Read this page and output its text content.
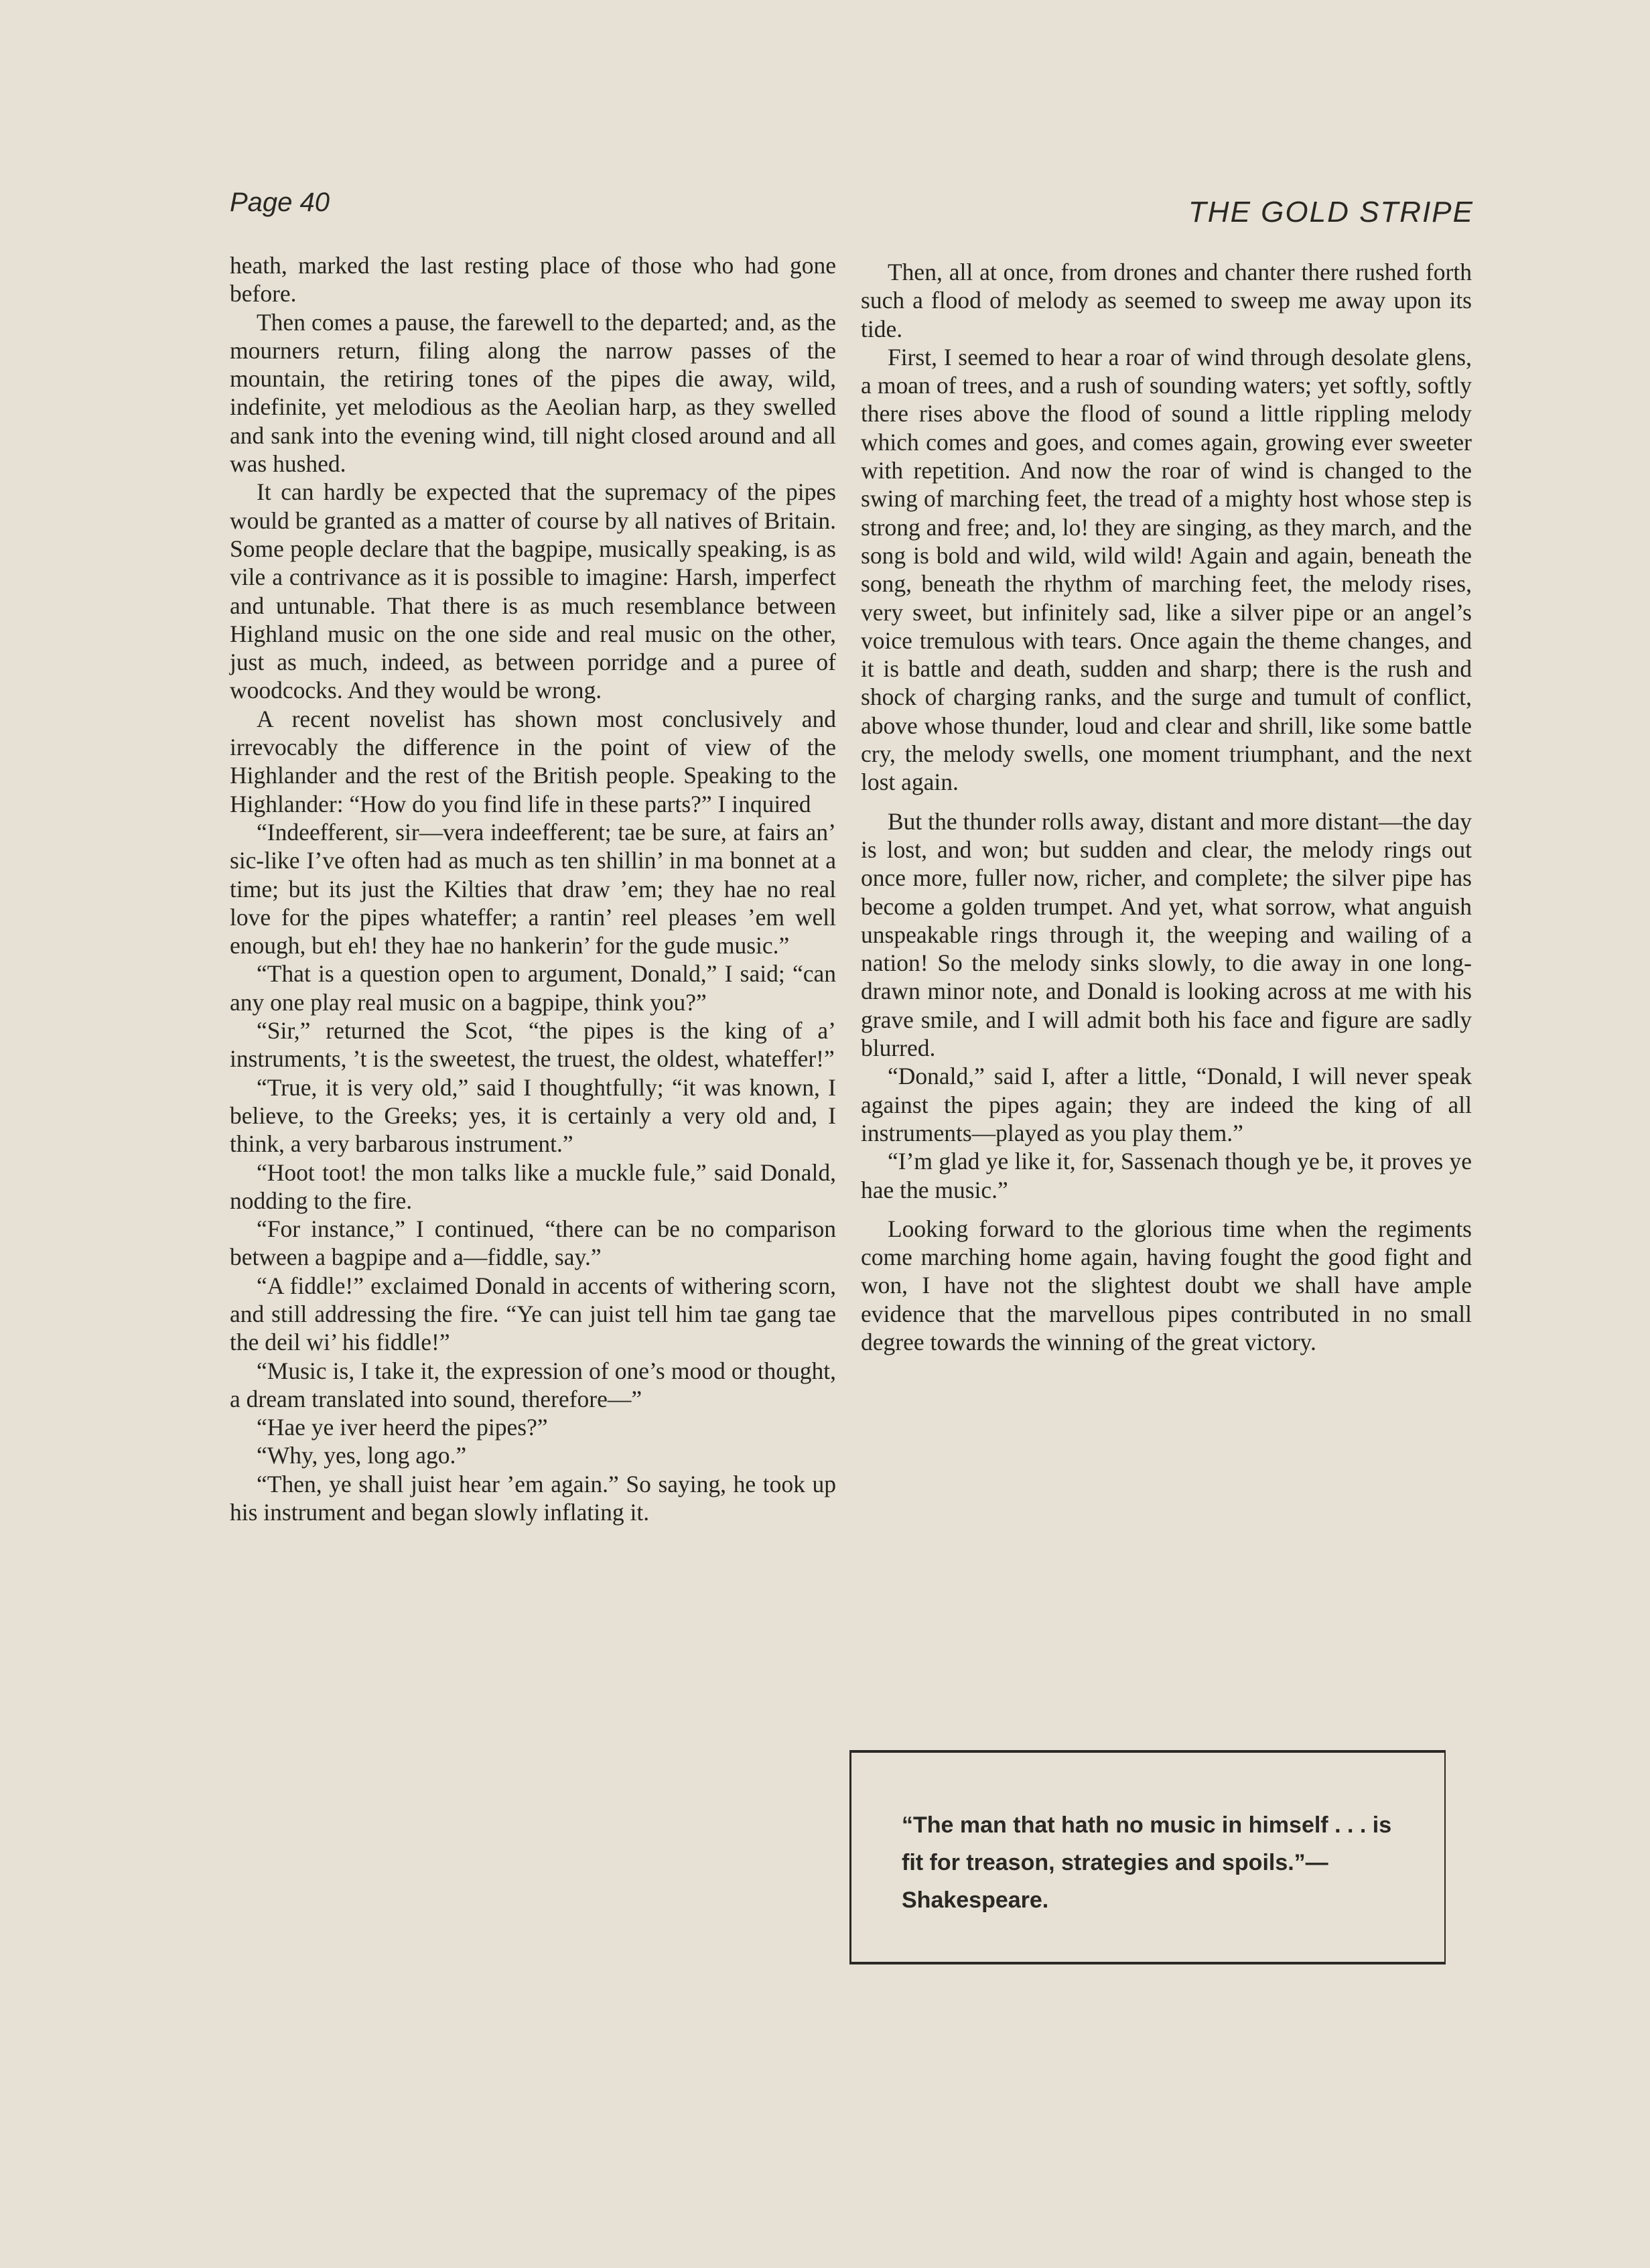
Page 40	THE GOLD STRIPE

heath, marked the last resting place of those who had gone before.

Then comes a pause, the farewell to the departed; and, as the mourners return, filing along the narrow passes of the mountain, the retiring tones of the pipes die away, wild, indefinite, yet melodious as the Aeolian harp, as they swelled and sank into the evening wind, till night closed around and all was hushed.

It can hardly be expected that the supremacy of the pipes would be granted as a matter of course by all natives of Britain. Some people declare that the bagpipe, musically speaking, is as vile a contrivance as it is possible to imagine: Harsh, imperfect and untunable. That there is as much resemblance between Highland music on the one side and real music on the other, just as much, indeed, as between porridge and a puree of woodcocks. And they would be wrong.

A recent novelist has shown most conclusively and irrevocably the difference in the point of view of the Highlander and the rest of the British people. Speaking to the Highlander: “How do you find life in these parts?” I inquired

“Indeefferent, sir—vera indeefferent; tae be sure, at fairs an’ sic-like I’ve often had as much as ten shillin’ in ma bonnet at a time; but its just the Kilties that draw ’em; they hae no real love for the pipes whateffer; a rantin’ reel pleases ’em well enough, but eh! they hae no hankerin’ for the gude music.”

“That is a question open to argument, Donald,” I said; “can any one play real music on a bagpipe, think you?”

“Sir,” returned the Scot, “the pipes is the king of a’ instruments, ’t is the sweetest, the truest, the oldest, whateffer!”

“True, it is very old,” said I thoughtfully; “it was known, I believe, to the Greeks; yes, it is certainly a very old and, I think, a very barbarous instrument.”

“Hoot toot! the mon talks like a muckle fule,” said Donald, nodding to the fire.

“For instance,” I continued, “there can be no comparison between a bagpipe and a—fiddle, say.”

“A fiddle!” exclaimed Donald in accents of withering scorn, and still addressing the fire. “Ye can juist tell him tae gang tae the deil wi’ his fiddle!”

“Music is, I take it, the expression of one’s mood or thought, a dream translated into sound, therefore—”

“Hae ye iver heerd the pipes?”

“Why, yes, long ago.”

“Then, ye shall juist hear ’em again.” So saying, he took up his instrument and began slowly inflating it.

Then, all at once, from drones and chanter there rushed forth such a flood of melody as seemed to sweep me away upon its tide.

First, I seemed to hear a roar of wind through desolate glens, a moan of trees, and a rush of sounding waters; yet softly, softly there rises above the flood of sound a little rippling melody which comes and goes, and comes again, growing ever sweeter with repetition. And now the roar of wind is changed to the swing of marching feet, the tread of a mighty host whose step is strong and free; and, lo! they are singing, as they march, and the song is bold and wild, wild wild! Again and again, beneath the song, beneath the rhythm of marching feet, the melody rises, very sweet, but infinitely sad, like a silver pipe or an angel’s voice tremulous with tears. Once again the theme changes, and it is battle and death, sudden and sharp; there is the rush and shock of charging ranks, and the surge and tumult of conflict, above whose thunder, loud and clear and shrill, like some battle cry, the melody swells, one moment triumphant, and the next lost again.

But the thunder rolls away, distant and more distant—the day is lost, and won; but sudden and clear, the melody rings out once more, fuller now, richer, and complete; the silver pipe has become a golden trumpet. And yet, what sorrow, what anguish unspeakable rings through it, the weeping and wailing of a nation! So the melody sinks slowly, to die away in one long-drawn minor note, and Donald is looking across at me with his grave smile, and I will admit both his face and figure are sadly blurred.

“Donald,” said I, after a little, “Donald, I will never speak against the pipes again; they are indeed the king of all instruments—played as you play them.”

“I’m glad ye like it, for, Sassenach though ye be, it proves ye hae the music.”

Looking forward to the glorious time when the regiments come marching home again, having fought the good fight and won, I have not the slightest doubt we shall have ample evidence that the marvellous pipes contributed in no small degree towards the winning of the great victory.

“The man that hath no music in himself . . . is fit for treason, strategies and spoils.”—Shakespeare.
